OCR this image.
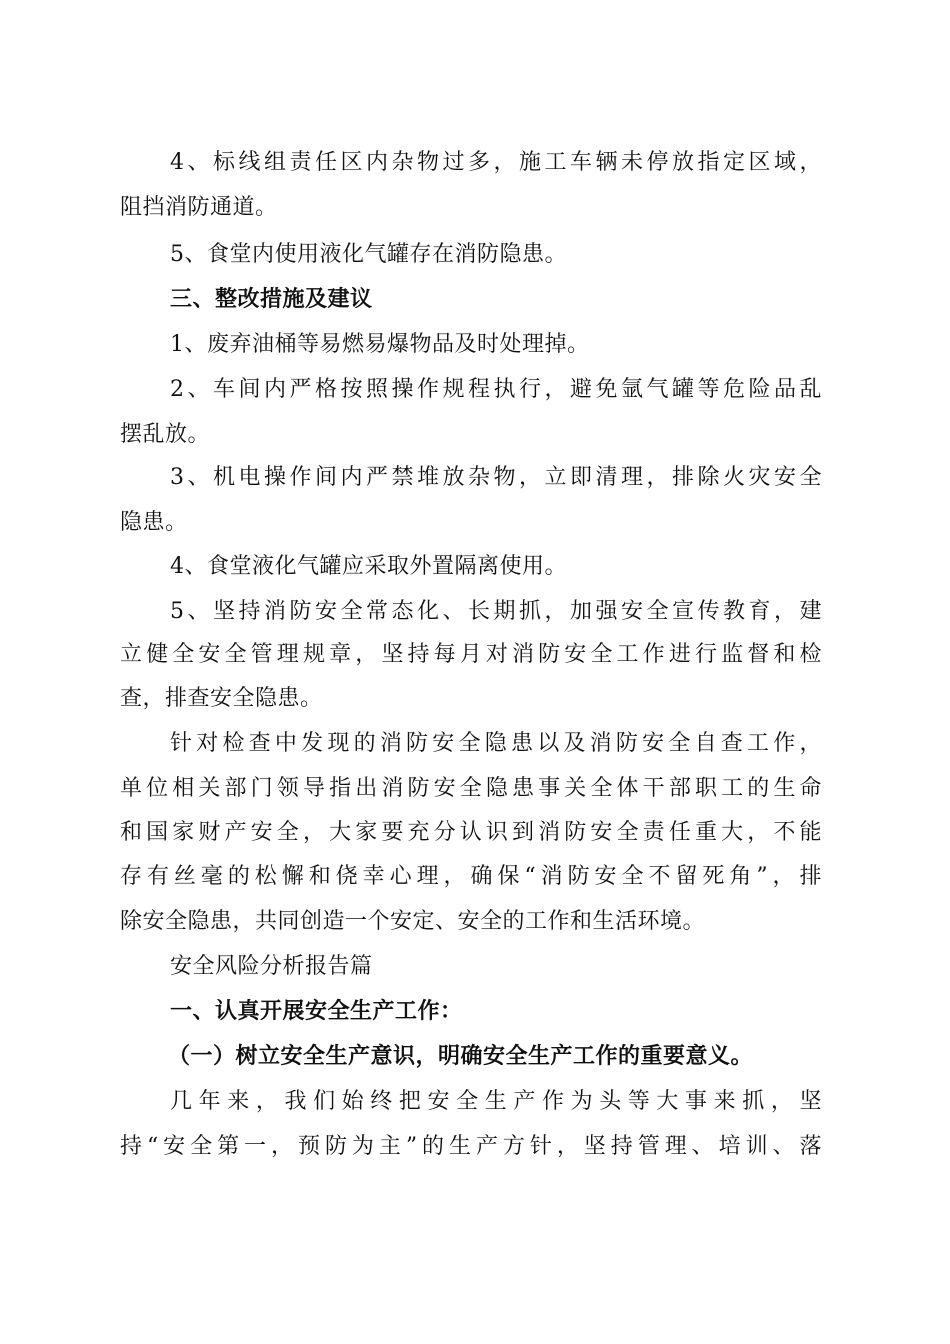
4、标线组责任区内杂物过多，施工车辆未停放指定区域，
阻挡消防通道。
5、食堂内使用液化气罐存在消防隐患。
三、整改措施及建议
1、废弃油桶等易燃易爆物品及时处理掉。
2、车间内严格按照操作规程执行，避免氩气罐等危险品乱
摆乱放。
3、机电操作间内严禁堆放杂物，立即清理，排除火灾安全
隐患。
4、食堂液化气罐应采取外置隔离使用。
5、坚持消防安全常态化、长期抓，加强安全宣传教育，建
立健全安全管理规章，坚持每月对消防安全工作进行监督和检
查，排查安全隐患。
针对检查中发现的消防安全隐患以及消防安全自查工作，
单位相关部门领导指出消防安全隐患事关全体干部职工的生命
和国家财产安全，大家要充分认识到消防安全责任重大，不能
存有丝毫的松懈和侥幸心理，确保“消防安全不留死角”，排
除安全隐患，共同创造一个安定、安全的工作和生活环境。
安全风险分析报告篇
一、认真开展安全生产工作：
（一）树立安全生产意识，明确安全生产工作的重要意义。
几年来，我们始终把安全生产作为头等大事来抓，坚
持“安全第一，预防为主”的生产方针，坚持管理、培训、落
